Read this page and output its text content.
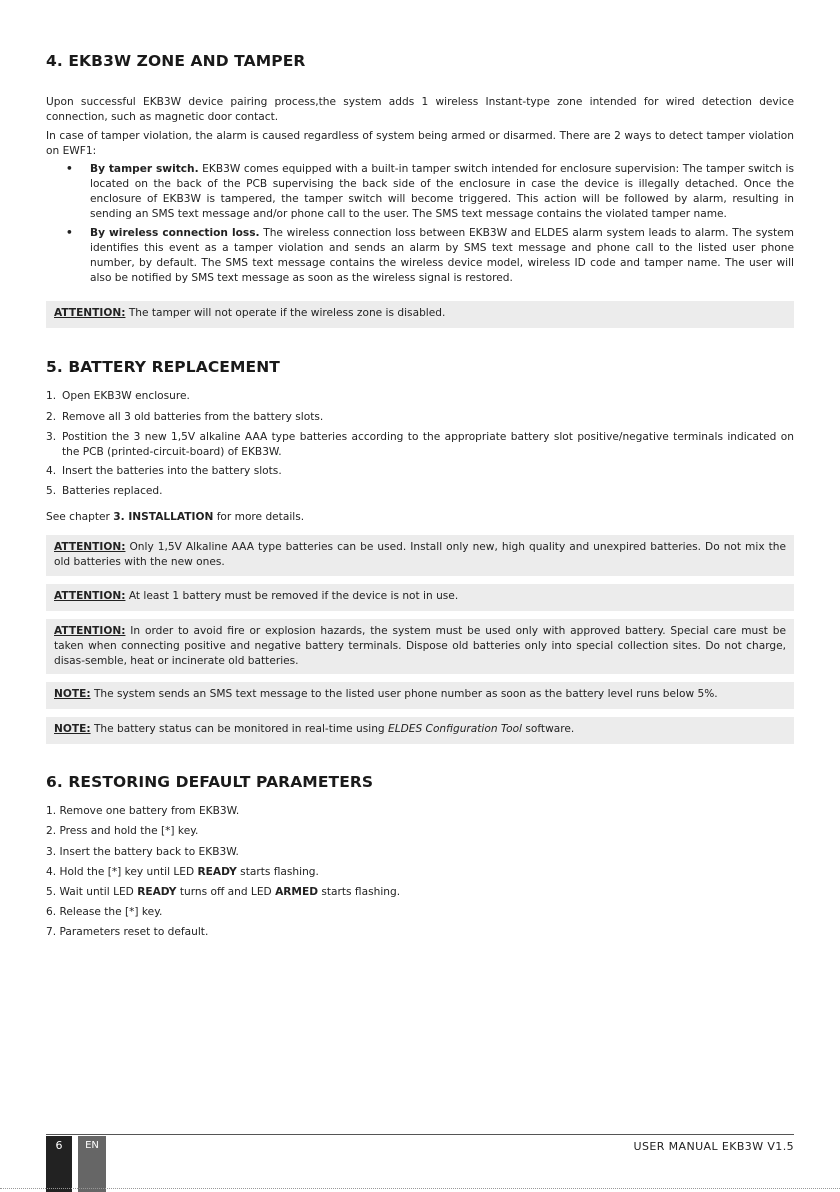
4. EKB3W ZONE AND TAMPER

Upon successful EKB3W device pairing process,the system adds 1 wireless Instant-type zone intended for wired detection device connection, such as magnetic door contact.

In case of tamper violation, the alarm is caused regardless of system being armed or disarmed. There are 2 ways to detect tamper violation on EWF1:

• By tamper switch. EKB3W comes equipped with a built-in tamper switch intended for enclosure supervision: The tamper switch is located on the back of the PCB supervising the back side of the enclosure in case the device is illegally detached. Once the enclosure of EKB3W is tampered, the tamper switch will become triggered. This action will be followed by alarm, resulting in sending an SMS text message and/or phone call to the user. The SMS text message contains the violated tamper name.
• By wireless connection loss. The wireless connection loss between EKB3W and ELDES alarm system leads to alarm. The system identifies this event as a tamper violation and sends an alarm by SMS text message and phone call to the listed user phone number, by default. The SMS text message contains the wireless device model, wireless ID code and tamper name. The user will also be notified by SMS text message as soon as the wireless signal is restored.
ATTENTION: The tamper will not operate if the wireless zone is disabled.
5. BATTERY REPLACEMENT
1. Open EKB3W enclosure.
2. Remove all 3 old batteries from the battery slots.
3. Postition the 3 new 1,5V alkaline AAA type batteries according to the appropriate battery slot positive/negative terminals indicated on the PCB (printed-circuit-board) of EKB3W.
4. Insert the batteries into the battery slots.
5. Batteries replaced.
See chapter 3. INSTALLATION for more details.
ATTENTION: Only 1,5V Alkaline AAA type batteries can be used. Install only new, high quality and unexpired batteries. Do not mix the old batteries with the new ones.
ATTENTION: At least 1 battery must be removed if the device is not in use.
ATTENTION: In order to avoid fire or explosion hazards, the system must be used only with approved battery. Special care must be taken when connecting positive and negative battery terminals. Dispose old batteries only into special collection sites. Do not charge, disas-semble, heat or incinerate old batteries.
NOTE: The system sends an SMS text message to the listed user phone number as soon as the battery level runs below 5%.
NOTE: The battery status can be monitored in real-time using ELDES Configuration Tool software.
6. RESTORING DEFAULT PARAMETERS
1. Remove one battery from EKB3W.
2. Press and hold the [*] key.
3. Insert the battery back to EKB3W.
4. Hold the [*] key until LED READY starts flashing.
5. Wait until LED READY turns off and LED ARMED starts flashing.
6. Release the [*] key.
7. Parameters reset to default.
6	EN	USER MANUAL EKB3W V1.5
